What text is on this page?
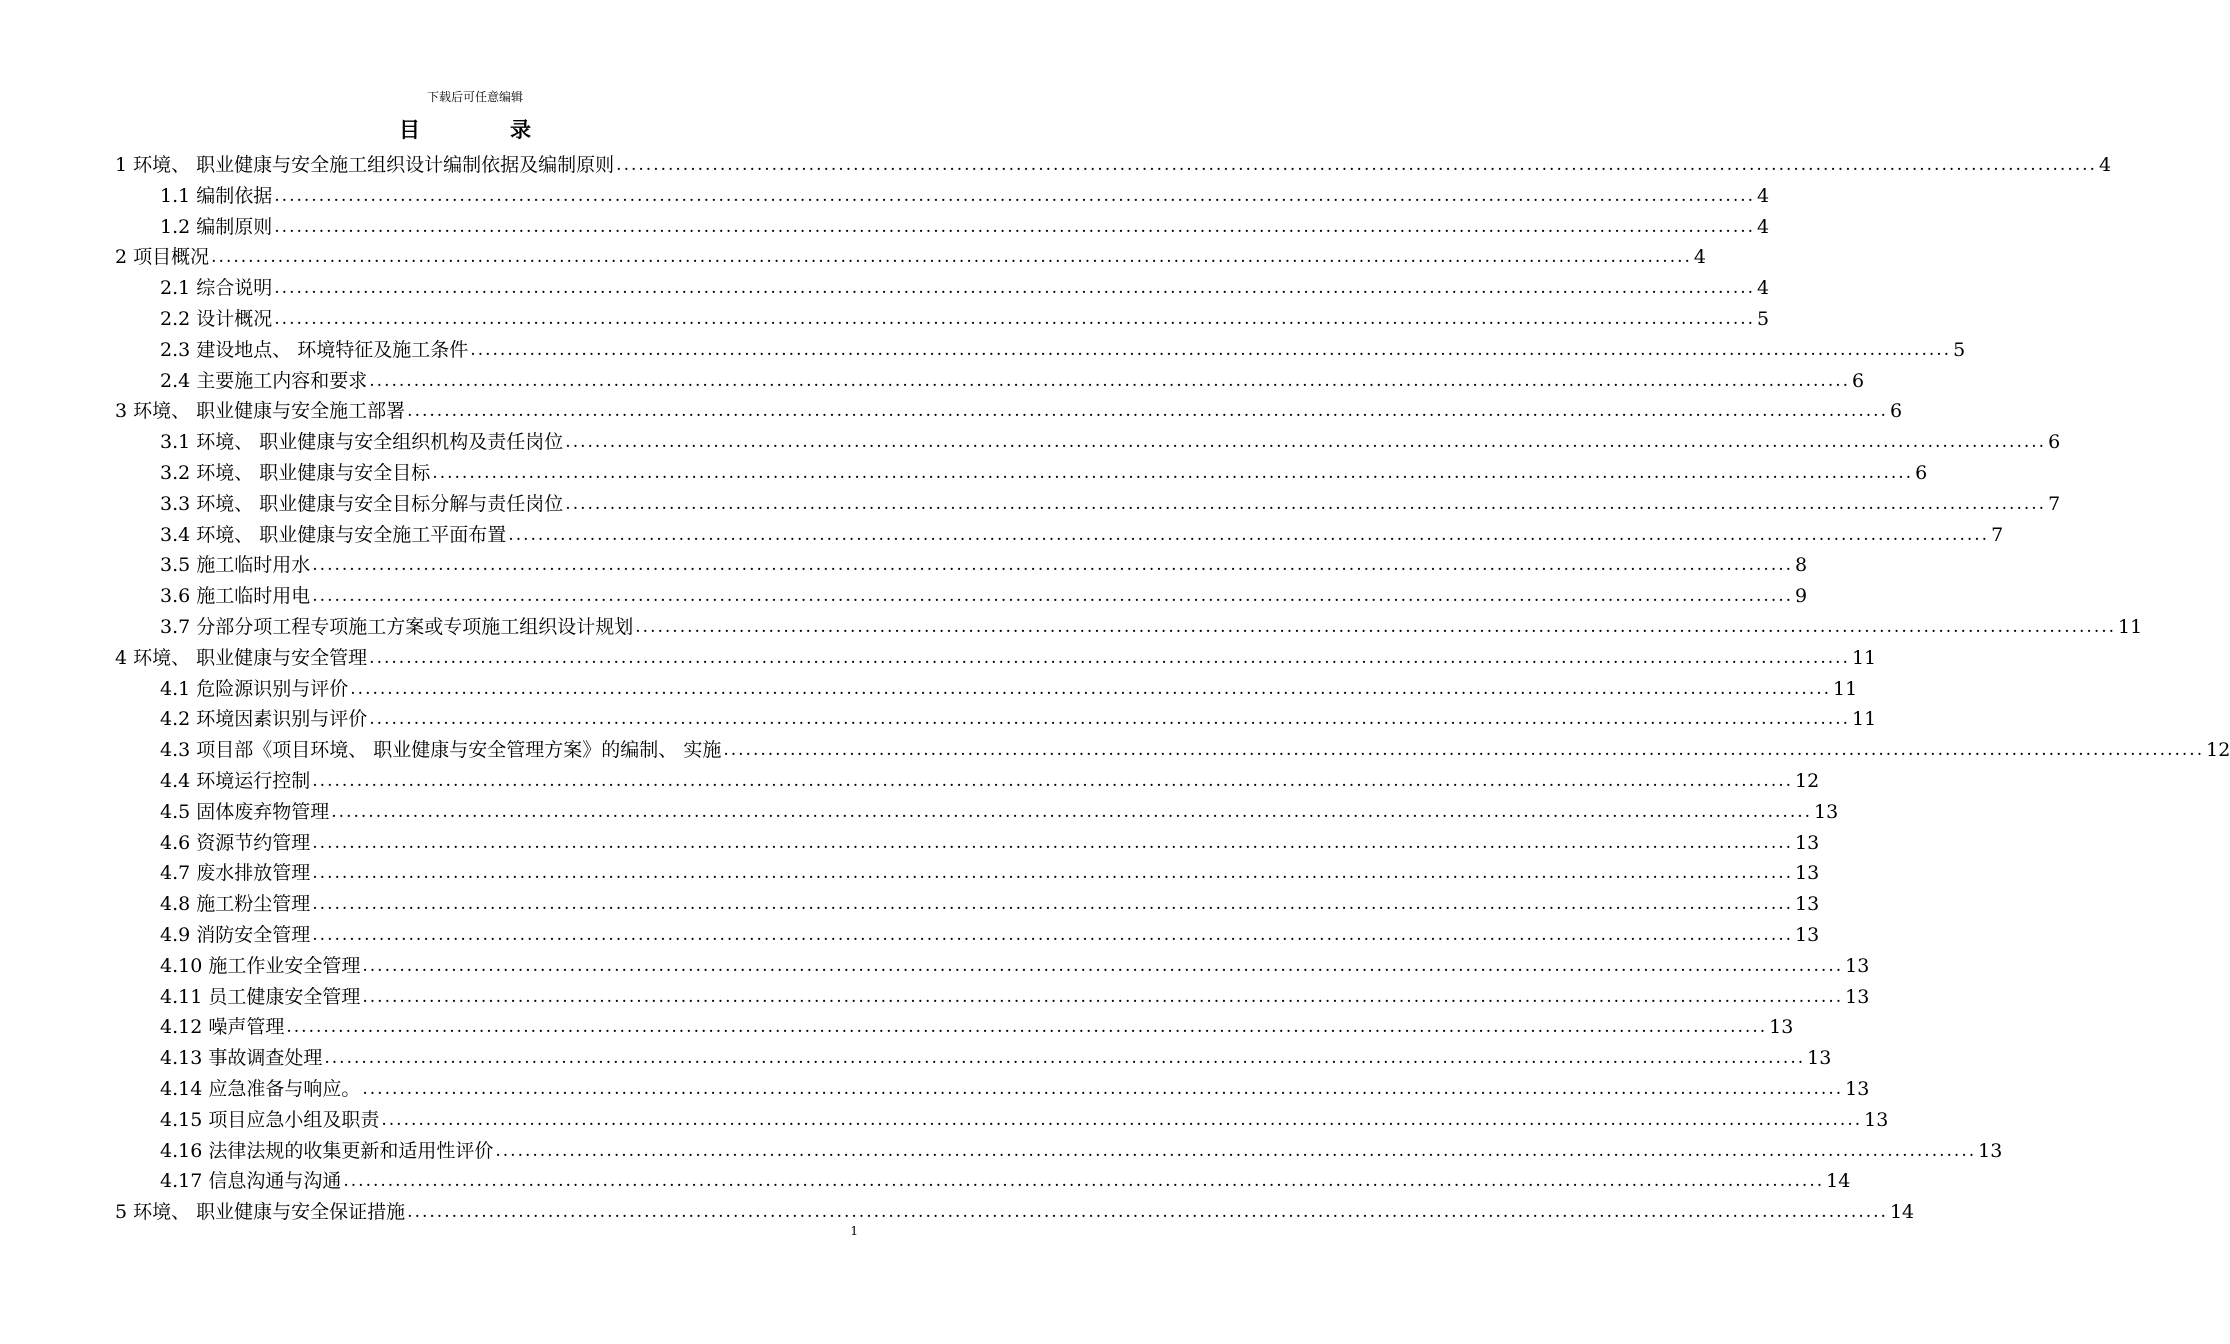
下载后可任意编辑
目录
1 环境、 职业健康与安全施工组织设计编制依据及编制原则 ........................................................................................................................................................................................................ 4
1.1 编制依据 ........................................................................................................................................................................................................ 4
1.2 编制原则 ........................................................................................................................................................................................................ 4
2 项目概况 ........................................................................................................................................................................................................ 4
2.1 综合说明 ........................................................................................................................................................................................................ 4
2.2 设计概况 ........................................................................................................................................................................................................ 5
2.3 建设地点、 环境特征及施工条件 ........................................................................................................................................................................................................ 5
2.4 主要施工内容和要求 ........................................................................................................................................................................................................ 6
3 环境、 职业健康与安全施工部署 ........................................................................................................................................................................................................ 6
3.1 环境、 职业健康与安全组织机构及责任岗位 ........................................................................................................................................................................................................ 6
3.2 环境、 职业健康与安全目标 ........................................................................................................................................................................................................ 6
3.3 环境、 职业健康与安全目标分解与责任岗位 ........................................................................................................................................................................................................ 7
3.4 环境、 职业健康与安全施工平面布置 ........................................................................................................................................................................................................ 7
3.5 施工临时用水 ........................................................................................................................................................................................................ 8
3.6 施工临时用电 ........................................................................................................................................................................................................ 9
3.7 分部分项工程专项施工方案或专项施工组织设计规划 ........................................................................................................................................................................................................ 11
4 环境、 职业健康与安全管理 ........................................................................................................................................................................................................ 11
4.1 危险源识别与评价 ........................................................................................................................................................................................................ 11
4.2 环境因素识别与评价 ........................................................................................................................................................................................................ 11
4.3 项目部《项目环境、 职业健康与安全管理方案》的编制、 实施 ........................................................................................................................................................................................................ 12
4.4 环境运行控制 ........................................................................................................................................................................................................ 12
4.5 固体废弃物管理 ........................................................................................................................................................................................................ 13
4.6 资源节约管理 ........................................................................................................................................................................................................ 13
4.7 废水排放管理 ........................................................................................................................................................................................................ 13
4.8 施工粉尘管理 ........................................................................................................................................................................................................ 13
4.9 消防安全管理 ........................................................................................................................................................................................................ 13
4.10 施工作业安全管理 ........................................................................................................................................................................................................ 13
4.11 员工健康安全管理 ........................................................................................................................................................................................................ 13
4.12 噪声管理 ........................................................................................................................................................................................................ 13
4.13 事故调查处理 ........................................................................................................................................................................................................ 13
4.14 应急准备与响应。 ........................................................................................................................................................................................................ 13
4.15 项目应急小组及职责 ........................................................................................................................................................................................................ 13
4.16 法律法规的收集更新和适用性评价 ........................................................................................................................................................................................................ 13
4.17 信息沟通与沟通 ........................................................................................................................................................................................................ 14
5 环境、 职业健康与安全保证措施 ........................................................................................................................................................................................................ 14
1
